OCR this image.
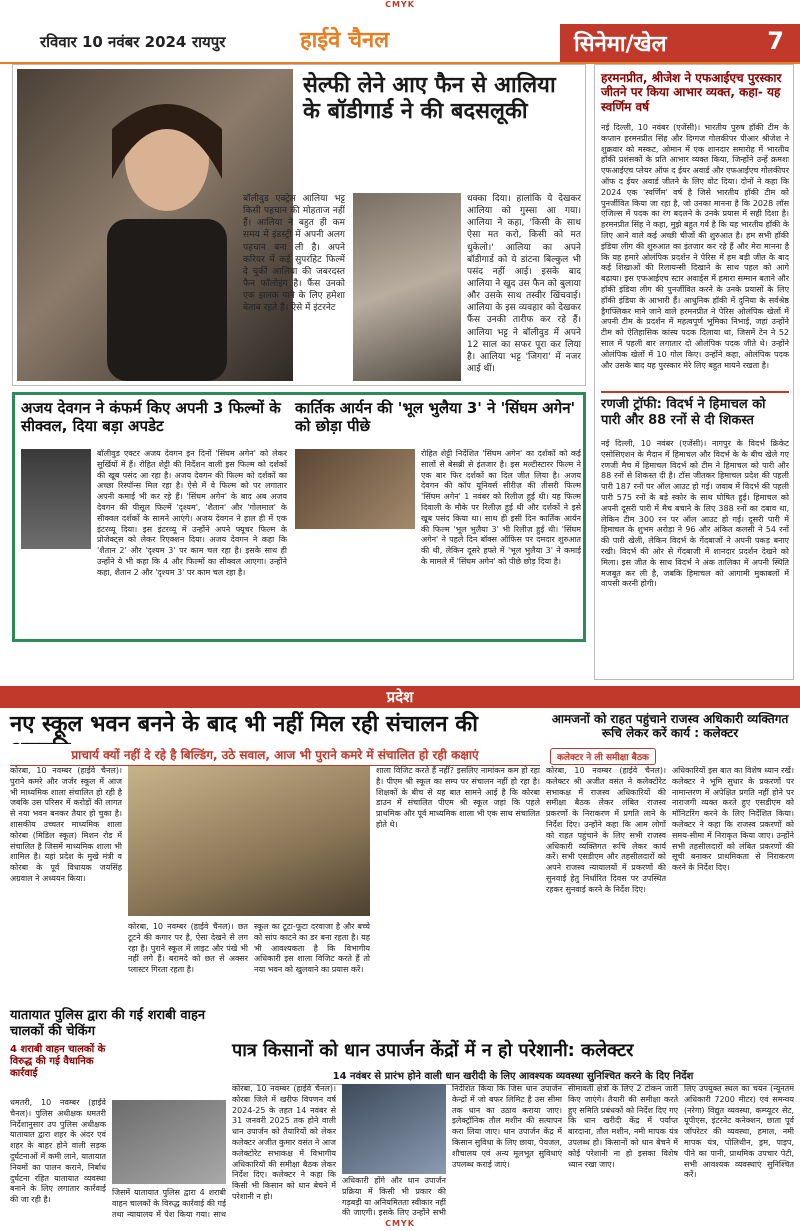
CMYK
रविवार 10 नवंबर 2024 रायपुर	हाईवे चैनल	सिनेमा/खेल	7
सेल्फी लेने आए फैन से आलिया के बॉडीगार्ड ने की बदसलूकी
बॉलीवुड एक्ट्रेस आलिया भट्ट किसी पहचान की मोहताज नहीं हैं। आलिया ने बहुत ही कम समय में इंडस्ट्री में अपनी अलग पहचान बना ली है। अपने करियर में कई सुपरहिट फिल्में दे चुकीं आलिया की जबरदस्त फैन फॉलोइंग है। फैंस उनको एक झलक पाने के लिए हमेशा बेताब रहते हैं। ऐसे में इंटरनेट
धक्का दिया। हालांकि ये देखकर आलिया को गुस्सा आ गया। आलिया ने कहा, 'किसी के साथ ऐसा मत करो, किसी को मत धुकेलो।' आलिया का अपने बॉडीगार्ड को ये डांटना बिल्कुल भी पसंद नहीं आई। इसके बाद आलिया ने खुद उस फैन को बुलाया और उसके साथ तस्वीर खिंचवाई। आलिया के इस व्यवहार को देखकर फैंस उनकी तारीफ कर रहे हैं। आलिया भट्ट ने बॉलीवुड में अपने 12 साल का सफर पूरा कर लिया है। आलिया भट्ट 'जिगरा' में नजर आई थीं।
हरमनप्रीत, श्रीजेश ने एफआईएच पुरस्कार जीतने पर किया आभार व्यक्त, कहा- यह स्वर्णिम वर्ष
नई दिल्ली, 10 नवंबर (एजेंसी)। भारतीय पुरुष हॉकी टीम के कप्तान हरमनप्रीत सिंह और दिग्गज गोलकीपर पीआर श्रीजेश ने शुक्रवार को मस्कट, ओमान में एक शानदार समारोह में भारतीय हॉकी प्रशंसकों के प्रति आभार व्यक्त किया, जिन्होंने उन्हें क्रमशः एफआईएच प्लेयर ऑफ द ईयर अवार्ड और एफआईएच गोलकीपर ऑफ द ईयर अवार्ड जीतने के लिए वोट दिया। दोनों ने कहा कि 2024 एक 'स्वर्णिम' वर्ष है जिसे भारतीय हॉकी टीम को पुनर्जीवित किया जा रहा है, जो उनका मानना है कि 2028 लॉस एंजिल्स में पदक का रंग बदलने के उनके प्रयास में सही दिशा है। हरमनप्रीत सिंह ने कहा, मुझे बहुत गर्व है कि यह भारतीय हॉकी के लिए आने वाले कई अच्छी चीजों की शुरुआत है। हम सभी हॉकी इंडिया लीग की शुरुआत का इंतजार कर रहे हैं और मेरा मानना है कि यह हमारे ओलंपिक प्रदर्शन ने पेरिस में हम बड़ी जीत के बाद कई शिखाओं की रिलायन्सी दिखाने के साथ पहल को आगे बढ़ाया। इस एफआईएच स्टार अवार्ड्स में हमारा सम्मान बताने और हॉकी इंडिया लीग की पुनर्जीवित करने के उनके प्रयासों के लिए हॉकी इंडिया के आभारी हैं। आधुनिक हॉकी में दुनिया के सर्वश्रेष्ठ ड्रैगफ्लिकर माने जाने वाले हरमनप्रीत ने पेरिस ओलंपिक खेलों में अपनी टीम के प्रदर्शन में महत्वपूर्ण भूमिका निभाई, जहां उन्होंने टीम को ऐतिहासिक कांस्य पदक दिलाया था, जिसमें टेन ने 52 साल में पहली बार लगातार दो ओलंपिक पदक जीते थे। उन्होंने ओलंपिक खेलों में 10 गोल किए। उन्होंने कहा, ओलंपिक पदक और उसके बाद यह पुरस्कार मेरे लिए बहुत मायने रखता है।
रणजी ट्रॉफी: विदर्भ ने हिमाचल को पारी और 88 रनों से दी शिकस्त
नई दिल्ली, 10 नवंबर (एजेंसी)। नागपुर के विदर्भ क्रिकेट एसोसिएशन के मैदान में हिमाचल और विदर्भ के के बीच खेले गए रणजी मैच में हिमाचल विदर्भ को टीम ने हिमाचल को पारी और 88 रनों से शिकस्त दी है। टॉस जीतकर हिमाचल प्रदेश की पहली पारी 187 रनों पर ऑल आउट हो गई। जवाब में विदर्भ की पहली पारी 575 रनों के बड़े स्कोर के साथ घोषित हुई। हिमाचल को अपनी दूसरी पारी में मैच बचाने के लिए 388 रनों का दबाव था, लेकिन टीम 300 रन पर ऑल आउट हो गई। दूसरी पारी में हिमाचल के शुभम अरोड़ा ने 96 और अंकित कलसी ने 54 रनों की पारी खेली, लेकिन विदर्भ के गेंदबाजों ने अपनी पकड़ बनाए रखी। विदर्भ की ओर से गेंदबाजी में शानदार प्रदर्शन देखने को मिला। इस जीत के साथ विदर्भ ने अंक तालिका में अपनी स्थिति मजबूत कर ली है, जबकि हिमाचल को आगामी मुकाबलों में वापसी करनी होगी।
अजय देवगन ने कंफर्म किए अपनी 3 फिल्मों के सीक्वल, दिया बड़ा अपडेट
कार्तिक आर्यन की 'भूल भुलैया 3' ने 'सिंघम अगेन' को छोड़ा पीछे
बॉलीवुड एक्टर अजय देवगन इन दिनों 'सिंघम अगेन' को लेकर सुर्खियों में हैं। रोहित शेट्टी की निर्देशन वाली इस फिल्म को दर्शकों की खूब पसंद आ रहा है। अजय देवगन की फिल्म को दर्शकों का अच्छा रिस्पॉन्स मिल रहा है। ऐसे में वे फिल्म को पर लगातार अपनी कमाई भी कर रहे हैं। 'सिंघम अगेन' के बाद अब अजय देवगन की पीसूल फिल्में 'दृश्यम', 'शैतान' और 'गोलमाल' के सीक्वल दर्शकों के सामने आएंगे। अजय देवगन ने हाल ही में एक इंटरव्यू दिया। इस इंटरव्यू में उन्होंने अपने फ्यूचर फिल्म के प्रोजेक्ट्स को लेकर रिएक्शन दिया। अजय देवगन ने कहा कि 'शैतान 2' और 'दृश्यम 3' पर काम चल रहा है। इसके साथ ही उन्होंने ये भी कहा कि 4 और फिल्मों का सीक्वल आएगा। उन्होंने कहा, शैतान 2 और 'दृश्यम 3' पर काम चल रहा है।
रोहित शेट्टी निर्देशित 'सिंघम अगेन' का दर्शकों को कई सालों से बेसब्री से इंतजार है। इस मल्टीस्टारर फिल्म ने एक बार फिर दर्शकों का दिल जीत लिया है। अजय देवगन की कॉप यूनिवर्स सीरीज़ की तीसरी फिल्म 'सिंघम अगेन' 1 नवंबर को रिलीज हुई थी। यह फिल्म दिवाली के मौके पर रिलीज़ हुई थी और दर्शकों ने इसे खूब पसंद किया था। साथ ही इसी दिन कार्तिक आर्यन की फिल्म 'भूल भुलैया 3' भी रिलीज़ हुई थी। 'सिंघम अगेन' ने पहले दिन बॉक्स ऑफिस पर दमदार शुरुआत की थी, लेकिन दूसरे हफ्ते में 'भूल भुलैया 3' ने कमाई के मामले में 'सिंघम अगेन' को पीछे छोड़ दिया है।
प्रदेश
नए स्कूल भवन बनने के बाद भी नहीं मिल रही संचालन की
प्राचार्य क्यों नहीं दे रहे है बिल्डिंग, उठे सवाल, आज भी पुराने कमरे में संचालित हो रही कक्षाएं
कोरबा, 10 नवम्बर (हाईवे चैनल)। पुराने कमरे और जर्जर स्कूल में आज भी माध्यमिक शाला संचालित हो रही है जबकि उस परिसर में करोड़ों की लागत से नया भवन बनकर तैयार हो चुका है। शासकीय उच्चतर माध्यमिक शाला कोरबा (मिडिल स्कूल) मिशन रोड में संचालित है जिसमें माध्यमिक शाला भी शामिल है। यहां प्रदेश के मुखे मंत्री व कोरबा के पूर्व विधायक जयसिंह अग्रवाल ने अध्ययन किया।
कोरबा, 10 नवम्बर (हाईवे चैनल)। छत टूटने की कगार पर है, ऐसा देखने से लग रहा है। पुराने स्कूल में लाइट और पंखे भी नहीं लगे हैं। बरामदे को छत से अक्सर प्लास्टर गिरता रहता है।
स्कूल का टूटा-फूटा दरवाजा है और बच्चे को सांप काटने का डर बना रहता है। यह भी आवश्यकता है कि विभागीय अधिकारी इस शाला विजिट करते हैं तो नया भवन को खुलवाने का प्रयास करें।
शाला विजिट करते हैं नहीं? इसलिए नामांकन कम हो रहा है। पीएम श्री स्कूल का सम्प पर संचालन नहीं हो रहा है। शिक्षकों के बीच से यह बात सामने आई है कि कोरबा डाउन में संचालित पीएम श्री स्कूल जहां कि पहले प्राथमिक और पूर्व माध्यमिक शाला भी एक साथ संचालित होते थे।
आमजनों को राहत पहुंचाने राजस्व अधिकारी व्यक्तिगत रूचि लेकर करें कार्य : कलेक्टर
कलेक्टर ने ली समीक्षा बैठक
कोरबा, 10 नवम्बर (हाईवे चैनल)। कलेक्टर श्री अजीत वसंत ने कलेक्टोरेट सभाकक्ष में राजस्व अधिकारियों की समीक्षा बैठक लेकर लंबित राजस्व प्रकरणों के निराकरण में प्रगति लाने के निर्देश दिए। उन्होंने कहा कि आम लोगों को राहत पहुंचाने के लिए सभी राजस्व अधिकारी व्यक्तिगत रूचि लेकर कार्य करें। सभी एसडीएम और तहसीलदारों को अपने राजस्व न्यायालयों में प्रकरणों की सुनवाई हेतु निर्धारित दिवस पर उपस्थित रहकर सुनवाई करने के निर्देश दिए।
अधिकारियों इस बात का विशेष ध्यान रखें। कलेक्टर ने भूमि सुधार के प्रकरणों पर नामान्तरण में अपेक्षित प्रगति नहीं होने पर नाराजगी व्यक्त करते हुए एसडीएम को मॉनिटरिंग करने के लिए निर्देशित किया। कलेक्टर ने कहा कि राजस्व प्रकरणों को समय-सीमा में निराकृत किया जाए। उन्होंने सभी तहसीलदारों को लंबित प्रकरणों की सूची बनाकर प्राथमिकता से निराकरण करने के निर्देश दिए।
यातायात पुलिस द्वारा की गई शराबी वाहन चालकों की चेकिंग
4 शराबी वाहन चालकों के विरुद्ध की गई वैधानिक कार्रवाई
धमतरी, 10 नवम्बर (हाईवे चैनल)। पुलिस अधीक्षक धमतरी निर्देशानुसार उप पुलिस अधीक्षक यातायात द्वारा शहर के अंदर एवं शहर के बाहर होने वाली सड़क दुर्घटनाओं में कमी लाने, यातायात नियमों का पालन कराने, निर्बाध दुर्घटना रहित यातायात व्यवस्था बनाने के लिए लगातार कार्रवाई की जा रही है।
जिसमें यातायात पुलिस द्वारा 4 शराबी वाहन चालकों के विरुद्ध कार्रवाई की गई तथा न्यायालय में पेश किया गया। साथ
पात्र किसानों को धान उपार्जन केंद्रों में न हो परेशानी: कलेक्टर
14 नवंबर से प्रारंभ होने वाली धान खरीदी के लिए आवश्यक व्यवस्था सुनिश्चित करने के दिए निर्देश
कोरबा, 10 नवम्बर (हाईवे चैनल)। कोरबा जिले में खरीफ विपणन वर्ष 2024-25 के तहत 14 नवंबर से 31 जनवरी 2025 तक होने वाली धान उपार्जन को तैयारियों को लेकर कलेक्टर अजीत कुमार वसंत ने आज कलेक्टोरेट सभाकक्ष में विभागीय अधिकारियों की समीक्षा बैठक लेकर निर्देश दिए। कलेक्टर ने कहा कि किसी भी किसान को धान बेचने में परेशानी न हो।
अधिकारी होंगे और धान उपार्जन प्रक्रिया में किसी भी प्रकार की गड़बड़ी या अनियमितता स्वीकार नहीं की जाएगी। इसके लिए उन्होंने सभी
निर्देशित किया कि जिस धान उपार्जन केन्द्रों में जो बफर लिमिट है उस सीमा तक धान का उठाव कराया जाए। इलेक्ट्रॉनिक तौल मशीन की सत्यापन करा लिया जाए। धान उपार्जन केंद्र में किसान सुविधा के लिए छाया, पेयजल, शौचालय एवं अन्य मूलभूत सुविधाएं उपलब्ध कराई जाएं।
सीमावर्ती क्षेत्रों के लिए 2 टोकन जारी किए जाएंगे। तैयारी की समीक्षा करते हुए समिति प्रबंधकों को निर्देश दिए गए कि धान खरीदी केंद्र में पर्याप्त बारदाना, तौल मशीन, नमी मापक यंत्र उपलब्ध हो। किसानों को धान बेचने में कोई परेशानी ना हो इसका विशेष ध्यान रखा जाए।
लिए उपयुक्त स्थल का चयन (न्यूनतम अधिकारी 7200 मीटर) एवं समन्वय (नरेगा) विद्युत व्यवस्था, कम्प्यूटर सेट, यूपीएस, इंटरनेट कनेक्शन, छाता पूर्व जॉपरेटर की व्यवस्था, हमाल, नमी मापक यंत्र, पोलिथीन, ड्रम, पाइप, पीने का पानी, प्राथमिक उपचार पेटी, सभी आवश्यक व्यवस्थाएं सुनिश्चित करें।
CMYK
